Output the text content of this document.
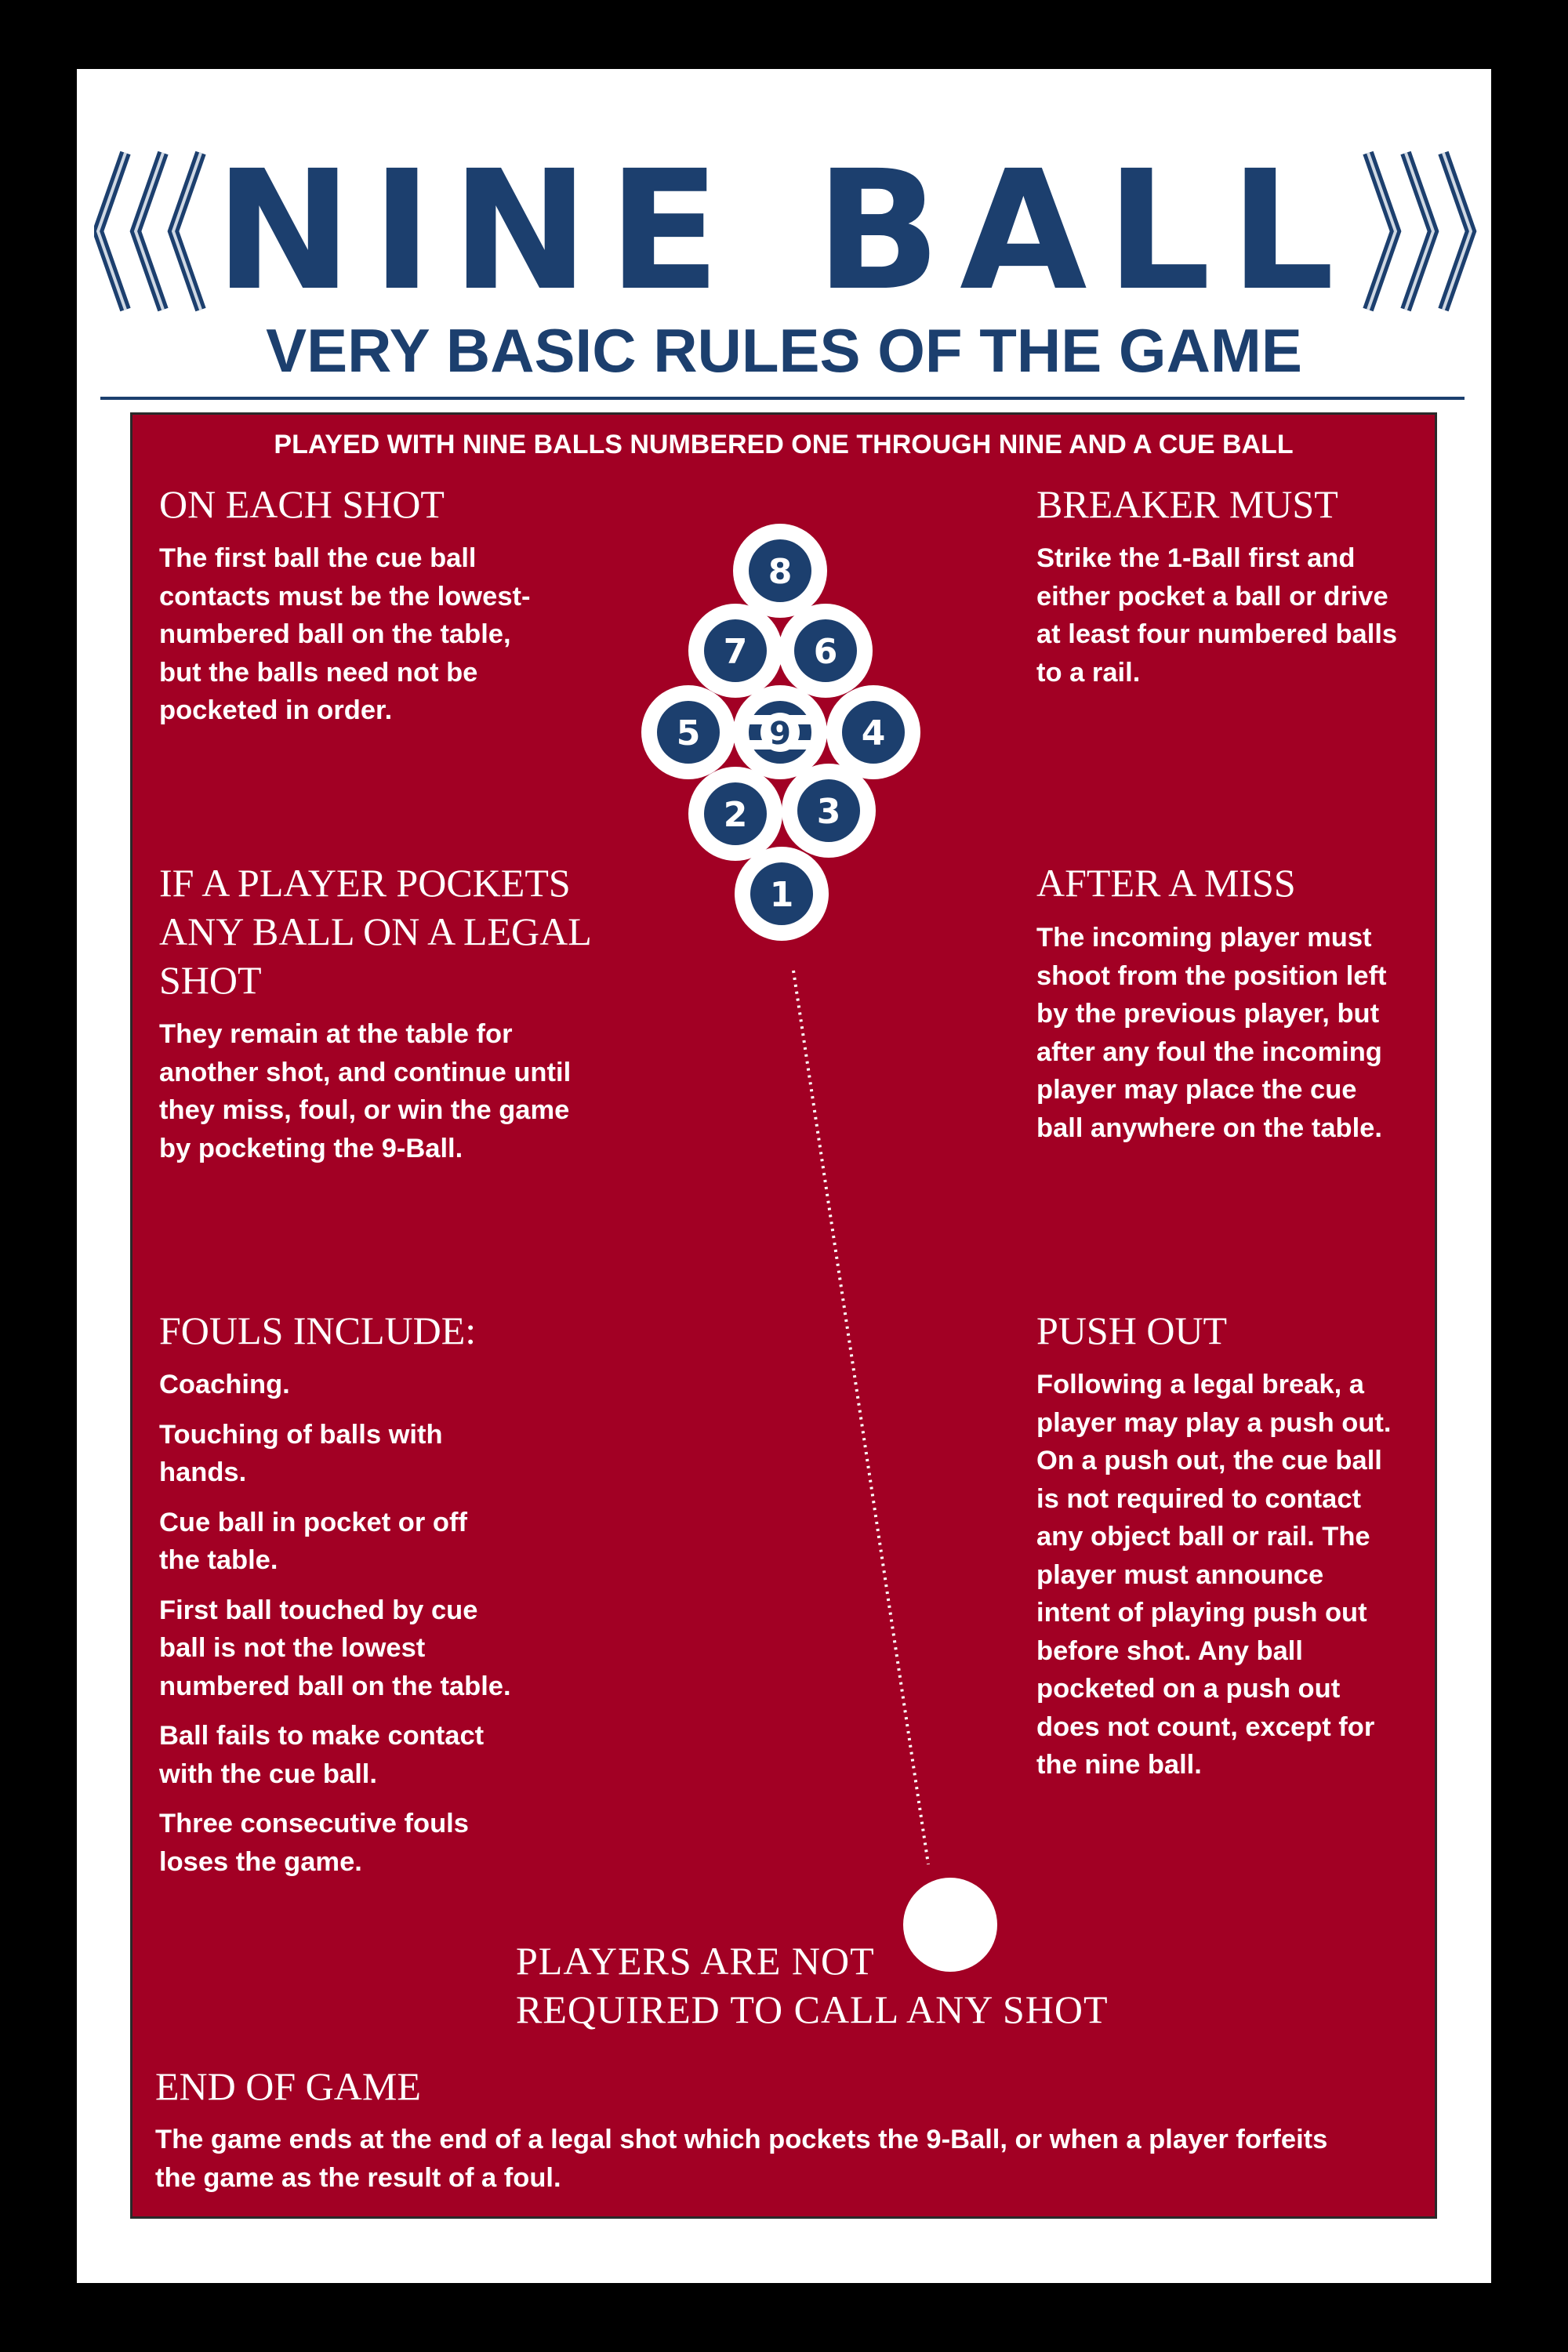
NINE BALL
VERY BASIC RULES OF THE GAME
PLAYED WITH NINE BALLS NUMBERED ONE THROUGH NINE AND A CUE BALL
ON EACH SHOT
The first ball the cue ball
contacts must be the lowest-
numbered ball on the table,
but the balls need not be
pocketed in order.
BREAKER MUST
Strike the 1-Ball first and
either pocket a ball or drive
at least four numbered balls
to a rail.
IF A PLAYER POCKETS
ANY BALL ON A LEGAL
SHOT
They remain at the table for
another shot, and continue until
they miss, foul, or win the game
by pocketing the 9-Ball.
AFTER A MISS
The incoming player must
shoot from the position left
by the previous player, but
after any foul the incoming
player may place the cue
ball anywhere on the table.
FOULS INCLUDE:
Coaching.
Touching of balls with
hands.
Cue ball in pocket or off
the table.
First ball touched by cue
ball is not the lowest
numbered ball on the table.
Ball fails to make contact
with the cue ball.
Three consecutive fouls
loses the game.
PUSH OUT
Following a legal break, a
player may play a push out.
On a push out, the cue ball
is not required to contact
any object ball or rail. The
player must announce
intent of playing push out
before shot. Any ball
pocketed on a push out
does not count, except for
the nine ball.
PLAYERS ARE NOT
REQUIRED TO CALL ANY SHOT
END OF GAME
The game ends at the end of a legal shot which pockets the 9-Ball, or when a player forfeits
the game as the result of a foul.
8
7 6
5 9 4
2 3
1
